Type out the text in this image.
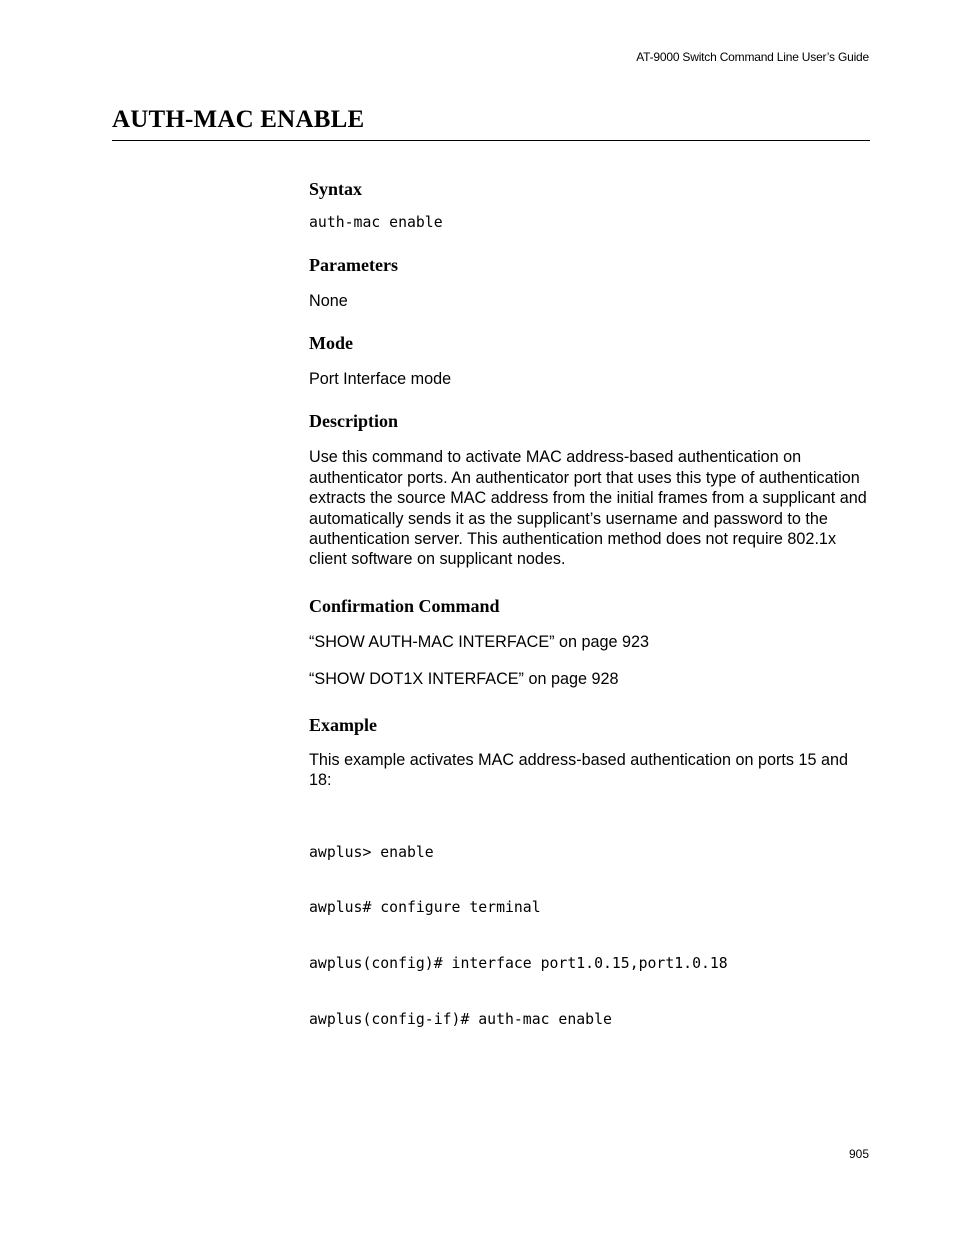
AT-9000 Switch Command Line User’s Guide
AUTH-MAC ENABLE
Syntax
auth-mac enable
Parameters
None
Mode
Port Interface mode
Description
Use this command to activate MAC address-based authentication on authenticator ports. An authenticator port that uses this type of authentication extracts the source MAC address from the initial frames from a supplicant and automatically sends it as the supplicant’s username and password to the authentication server. This authentication method does not require 802.1x client software on supplicant nodes.
Confirmation Command
“SHOW AUTH-MAC INTERFACE” on page 923
“SHOW DOT1X INTERFACE” on page 928
Example
This example activates MAC address-based authentication on ports 15 and 18:

awplus> enable

awplus# configure terminal

awplus(config)# interface port1.0.15,port1.0.18

awplus(config-if)# auth-mac enable

905
